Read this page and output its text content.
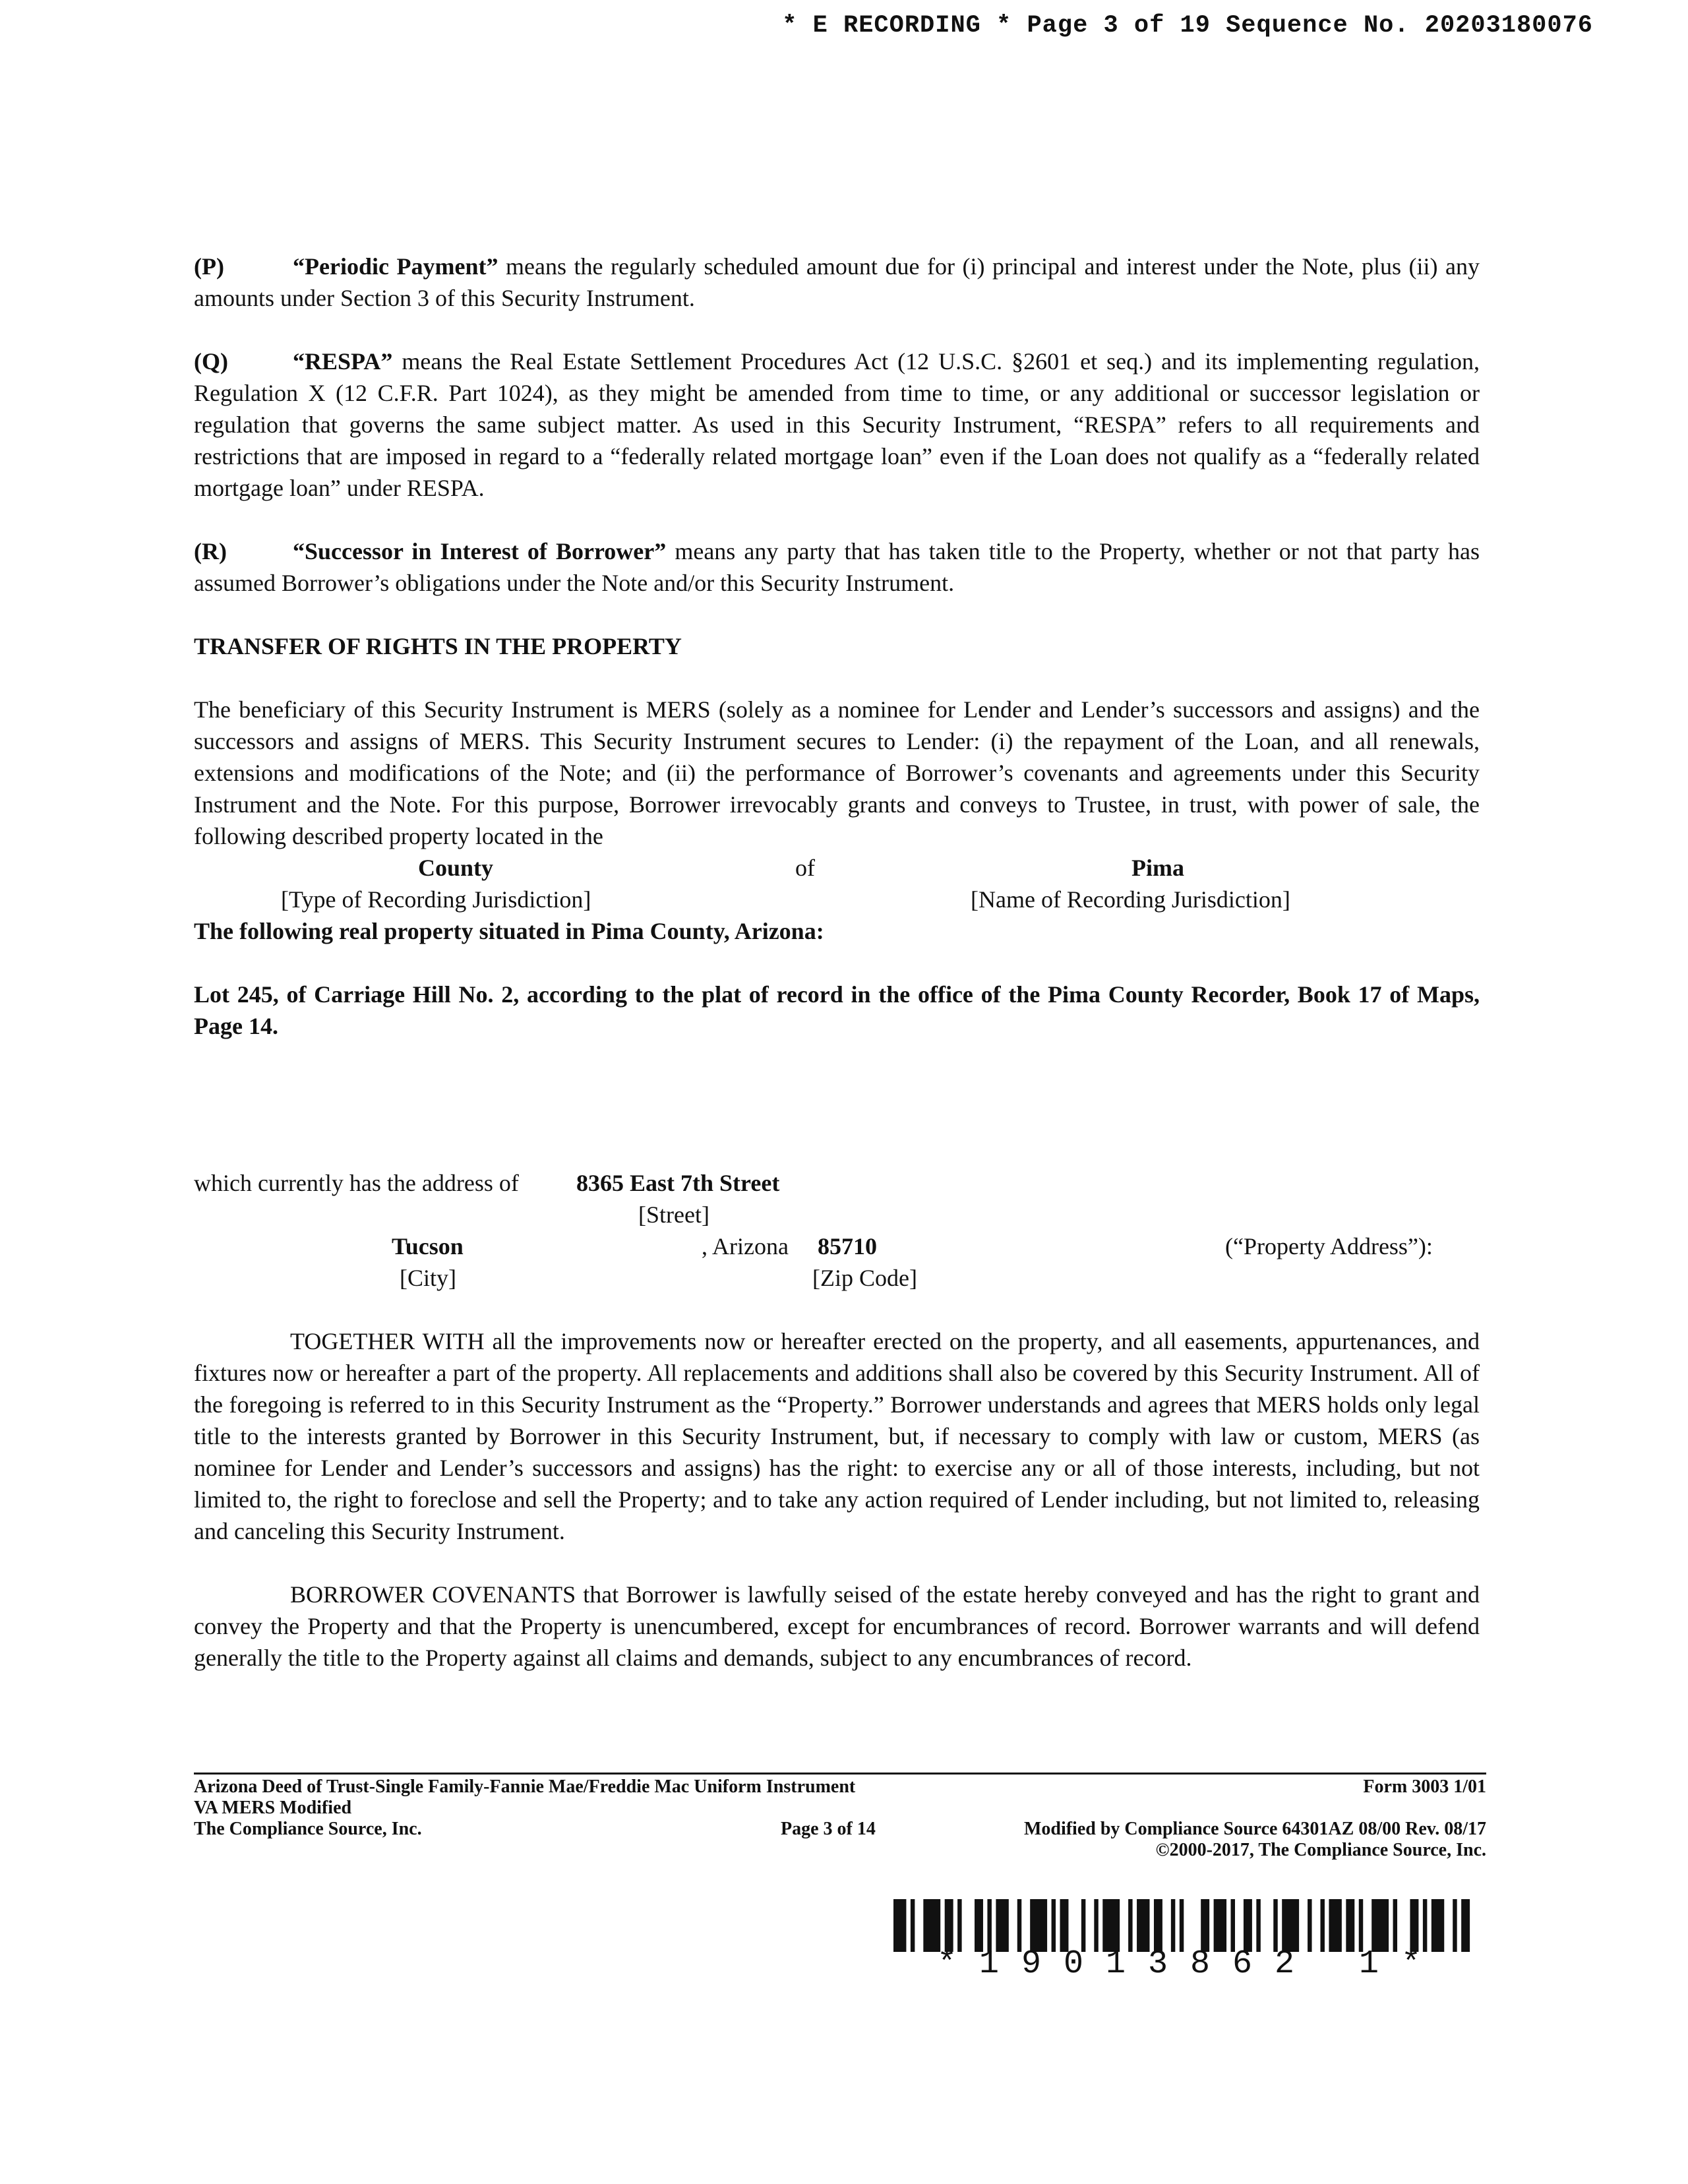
* E RECORDING * Page 3 of 19 Sequence No. 20203180076

(P)	“Periodic Payment” means the regularly scheduled amount due for (i) principal and interest under the Note, plus (ii) any amounts under Section 3 of this Security Instrument.

(Q)	“RESPA” means the Real Estate Settlement Procedures Act (12 U.S.C. §2601 et seq.) and its implementing regulation, Regulation X (12 C.F.R. Part 1024), as they might be amended from time to time, or any additional or successor legislation or regulation that governs the same subject matter. As used in this Security Instrument, “RESPA” refers to all requirements and restrictions that are imposed in regard to a “federally related mortgage loan” even if the Loan does not qualify as a “federally related mortgage loan” under RESPA.

(R)	“Successor in Interest of Borrower” means any party that has taken title to the Property, whether or not that party has assumed Borrower’s obligations under the Note and/or this Security Instrument.

TRANSFER OF RIGHTS IN THE PROPERTY

The beneficiary of this Security Instrument is MERS (solely as a nominee for Lender and Lender’s successors and assigns) and the successors and assigns of MERS. This Security Instrument secures to Lender: (i) the repayment of the Loan, and all renewals, extensions and modifications of the Note; and (ii) the performance of Borrower’s covenants and agreements under this Security Instrument and the Note. For this purpose, Borrower irrevocably grants and conveys to Trustee, in trust, with power of sale, the following described property located in the

County	of	Pima
[Type of Recording Jurisdiction]	[Name of Recording Jurisdiction]
The following real property situated in Pima County, Arizona:

Lot 245, of Carriage Hill No. 2, according to the plat of record in the office of the Pima County Recorder, Book 17 of Maps, Page 14.

which currently has the address of 8365 East 7th Street
[Street]
Tucson	, Arizona 85710	(“Property Address”):
[City]	[Zip Code]

TOGETHER WITH all the improvements now or hereafter erected on the property, and all easements, appurtenances, and fixtures now or hereafter a part of the property. All replacements and additions shall also be covered by this Security Instrument. All of the foregoing is referred to in this Security Instrument as the “Property.” Borrower understands and agrees that MERS holds only legal title to the interests granted by Borrower in this Security Instrument, but, if necessary to comply with law or custom, MERS (as nominee for Lender and Lender’s successors and assigns) has the right: to exercise any or all of those interests, including, but not limited to, the right to foreclose and sell the Property; and to take any action required of Lender including, but not limited to, releasing and canceling this Security Instrument.

BORROWER COVENANTS that Borrower is lawfully seised of the estate hereby conveyed and has the right to grant and convey the Property and that the Property is unencumbered, except for encumbrances of record. Borrower warrants and will defend generally the title to the Property against all claims and demands, subject to any encumbrances of record.

Arizona Deed of Trust-Single Family-Fannie Mae/Freddie Mac Uniform Instrument	Form 3003 1/01
VA MERS Modified
The Compliance Source, Inc.	Page 3 of 14	Modified by Compliance Source 64301AZ 08/00 Rev. 08/17
©2000-2017, The Compliance Source, Inc.
*19013862 1*
